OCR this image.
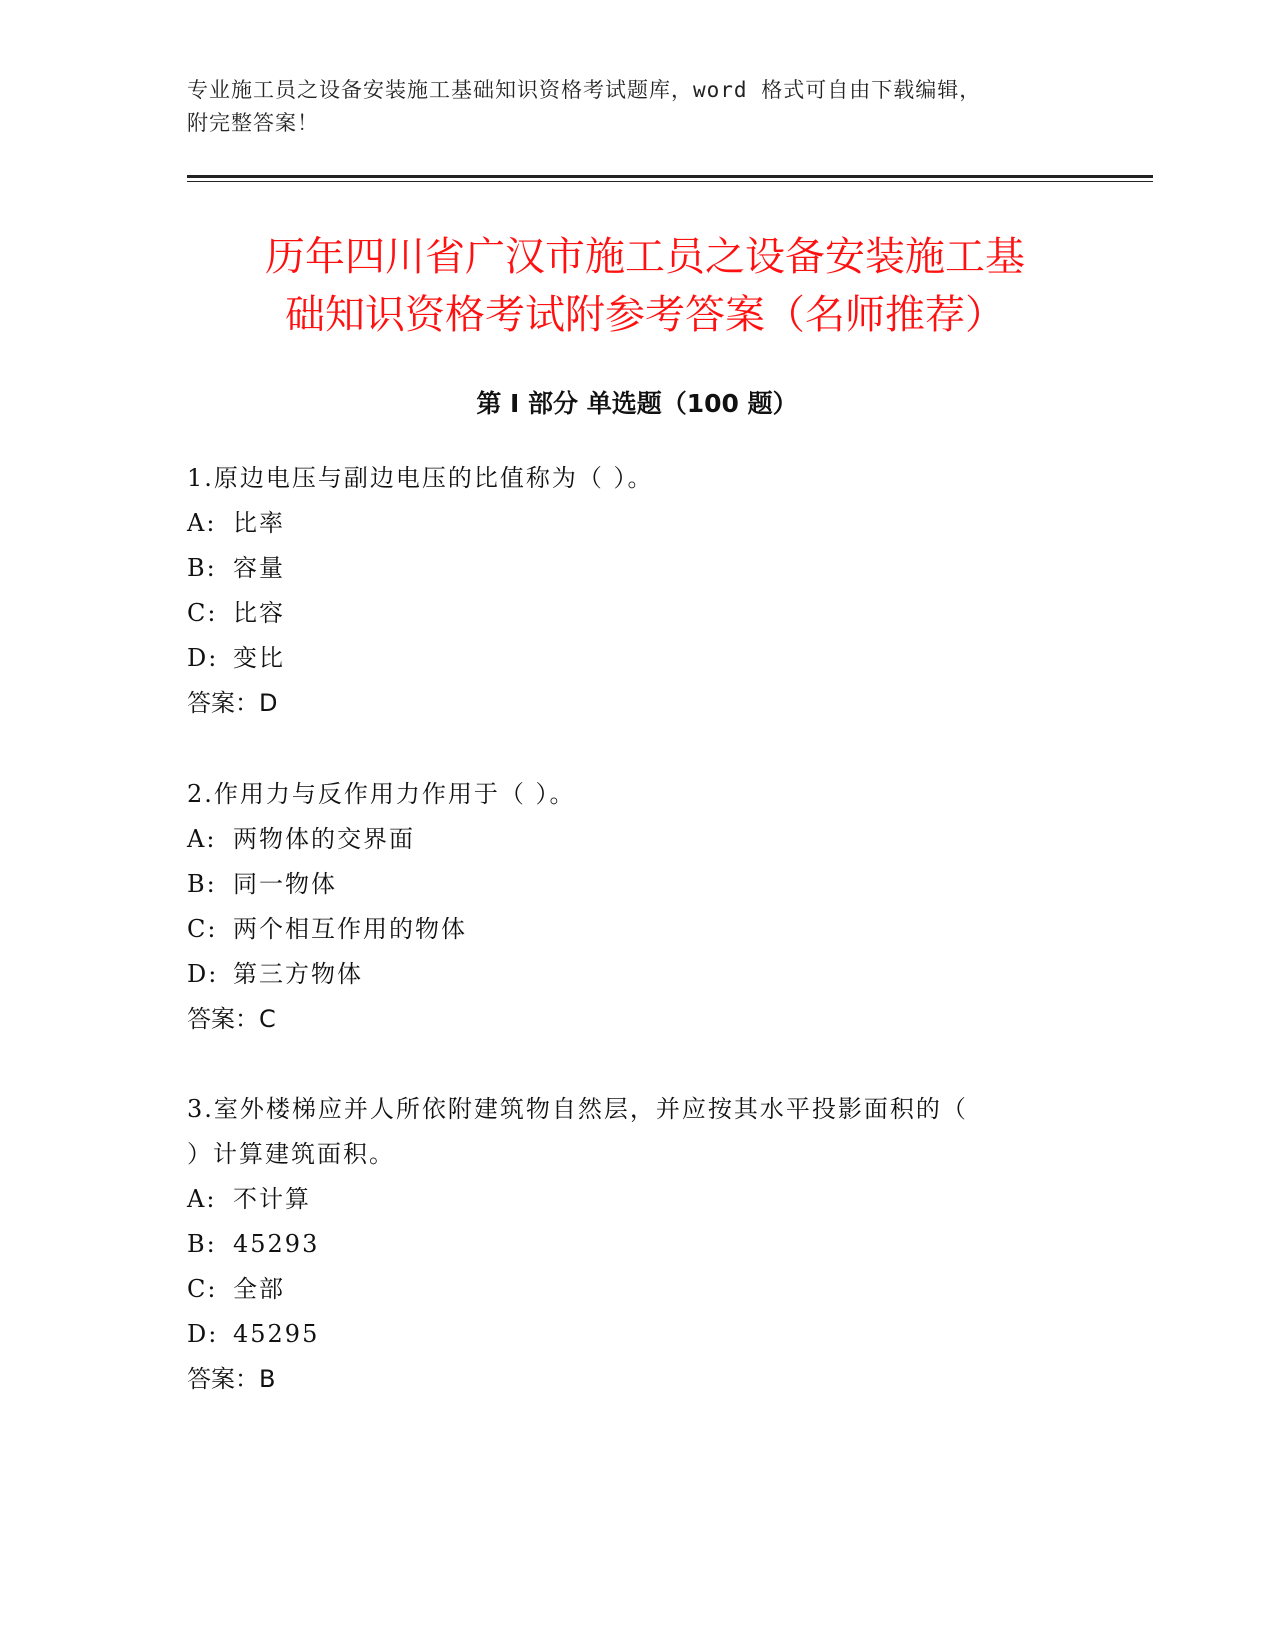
专业施工员之设备安装施工基础知识资格考试题库，word 格式可自由下载编辑，
附完整答案！
历年四川省广汉市施工员之设备安装施工基
础知识资格考试附参考答案（名师推荐）
第 I 部分 单选题（100 题）
1.原边电压与副边电压的比值称为（ ）。
A: 比率
B: 容量
C: 比容
D: 变比
答案：D
2.作用力与反作用力作用于（ ）。
A: 两物体的交界面
B: 同一物体
C: 两个相互作用的物体
D: 第三方物体
答案：C
3.室外楼梯应并人所依附建筑物自然层，并应按其水平投影面积的（
）计算建筑面积。
A: 不计算
B: 45293
C: 全部
D: 45295
答案：B
